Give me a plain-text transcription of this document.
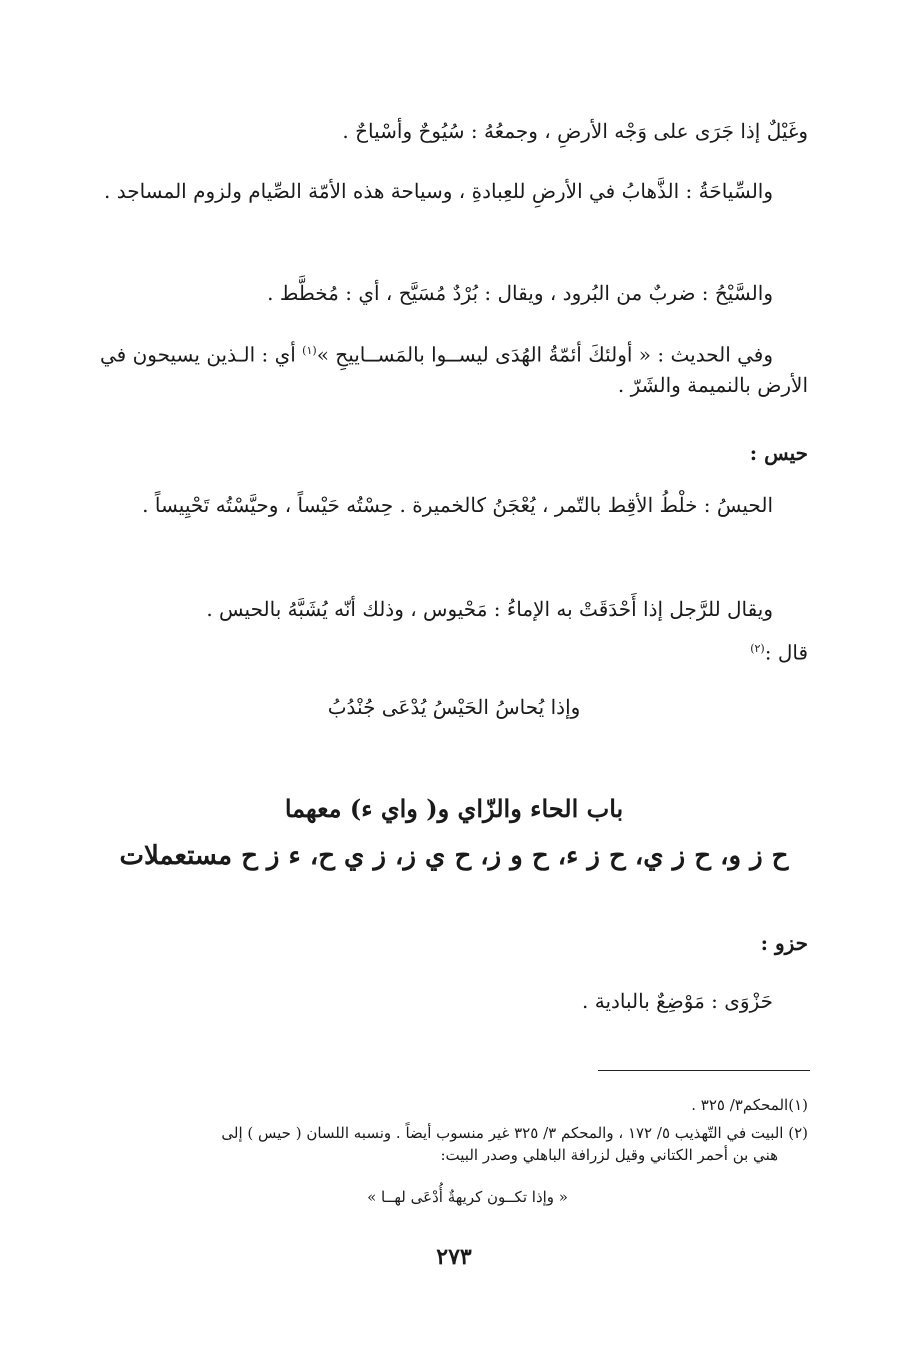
وغَيْلٌ إذا جَرَى على وَجْه الأرضِ ، وجمعُهُ : سُيُوحٌ وأسْياحٌ .
والسِّياحَةُ : الذَّهابُ في الأرضِ للعِبادةِ ، وسياحة هذه الأمّة الصِّيام ولزوم المساجد .
والسَّيْحُ : ضربٌ من البُرود ، ويقال : بُرْدٌ مُسَيَّح ، أي : مُخطَّط .
وفي الحديث : « أولئكَ أئمّةُ الهُدَى ليســوا بالمَســاييحِ »$^{(١)}$ أي : الـذين يسيحون في الأرض بالنميمة والشَرّ .
حيس :
الحيسُ : خلْطُ الأقِط بالتّمر ، يُعْجَنُ كالخميرة . حِسْتُه حَيْساً ، وحيَّسْتُه تَحْيِيساً .
ويقال للرَّجل إذا أَحْدَقَتْ به الإماءُ : مَحْيوس ، وذلك أنّه يُشَبَّهُ بالحيس .
قال :$^{(٢)}$
وإذا يُحاسُ الحَيْسُ يُدْعَى جُنْدُبُ
باب الحاء والزّاي و( واي ء) معهما
ح ز و، ح ز ي، ح ز ء، ح و ز، ح ي ز، ز ي ح، ء ز ح مستعملات
حزو :
حَزْوَى : مَوْضِعٌ بالبادية .
(١)المحكم٣/ ٣٢٥ .
(٢) البيت في التّهذيب ٥/ ١٧٢ ، والمحكم ٣/ ٣٢٥ غير منسوب أيضاً . ونسبه اللسان ( حيس ) إلى
هني بن أحمر الكتاني وقيل لزرافة الباهلي وصدر البيت:
« وإذا تكــون كريهةٌ أُدْعَى لهــا »
٢٧٣
